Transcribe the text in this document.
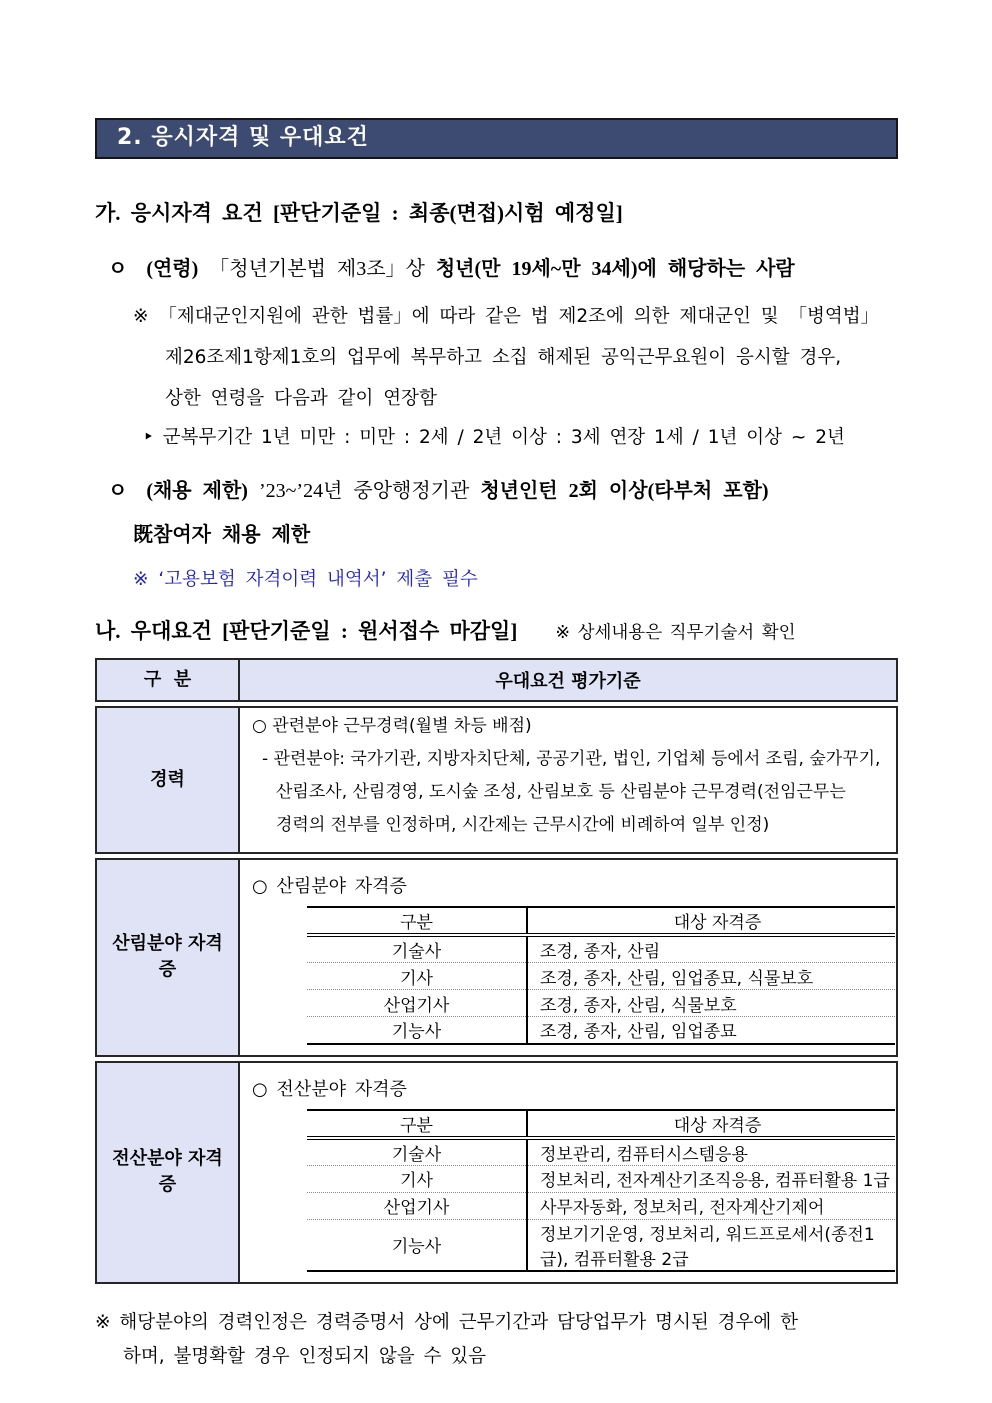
2. 응시자격 및 우대요건
가. 응시자격 요건 [판단기준일 : 최종(면접)시험 예정일]
ㅇ (연령) 「청년기본법 제3조」상 청년(만 19세~만 34세)에 해당하는 사람
※ 「제대군인지원에 관한 법률」에 따라 같은 법 제2조에 의한 제대군인 및 「병역법」
제26조제1항제1호의 업무에 복무하고 소집 해제된 공익근무요원이 응시할 경우,
상한 연령을 다음과 같이 연장함
‣ 군복무기간 1년 미만 : 미만 : 2세 / 2년 이상 : 3세 연장 1세 / 1년 이상 ~ 2년
ㅇ (채용 제한) ’23~’24년 중앙행정기관 청년인턴 2회 이상(타부처 포함)
既참여자 채용 제한
※ ‘고용보험 자격이력 내역서’ 제출 필수
나. 우대요건 [판단기준일 : 원서접수 마감일] ※ 상세내용은 직무기술서 확인
구  분	우대요건 평가기준
경력
○ 관련분야 근무경력(월별 차등 배점)
- 관련분야: 국가기관, 지방자치단체, 공공기관, 법인, 기업체 등에서 조림, 숲가꾸기,
산림조사, 산림경영, 도시숲 조성, 산림보호 등 산림분야 근무경력(전임근무는
경력의 전부를 인정하며, 시간제는 근무시간에 비례하여 일부 인정)
산림분야 자격증
○ 산림분야 자격증
구분	대상 자격증
기술사	조경, 종자, 산림
기사	조경, 종자, 산림, 임업종묘, 식물보호
산업기사	조경, 종자, 산림, 식물보호
기능사	조경, 종자, 산림, 임업종묘
전산분야 자격증
○ 전산분야 자격증
구분	대상 자격증
기술사	정보관리, 컴퓨터시스템응용
기사	정보처리, 전자계산기조직응용, 컴퓨터활용 1급
산업기사	사무자동화, 정보처리, 전자계산기제어
기능사	정보기기운영, 정보처리, 워드프로세서(종전1급), 컴퓨터활용 2급
※ 해당분야의 경력인정은 경력증명서 상에 근무기간과 담당업무가 명시된 경우에 한
하며, 불명확할 경우 인정되지 않을 수 있음
